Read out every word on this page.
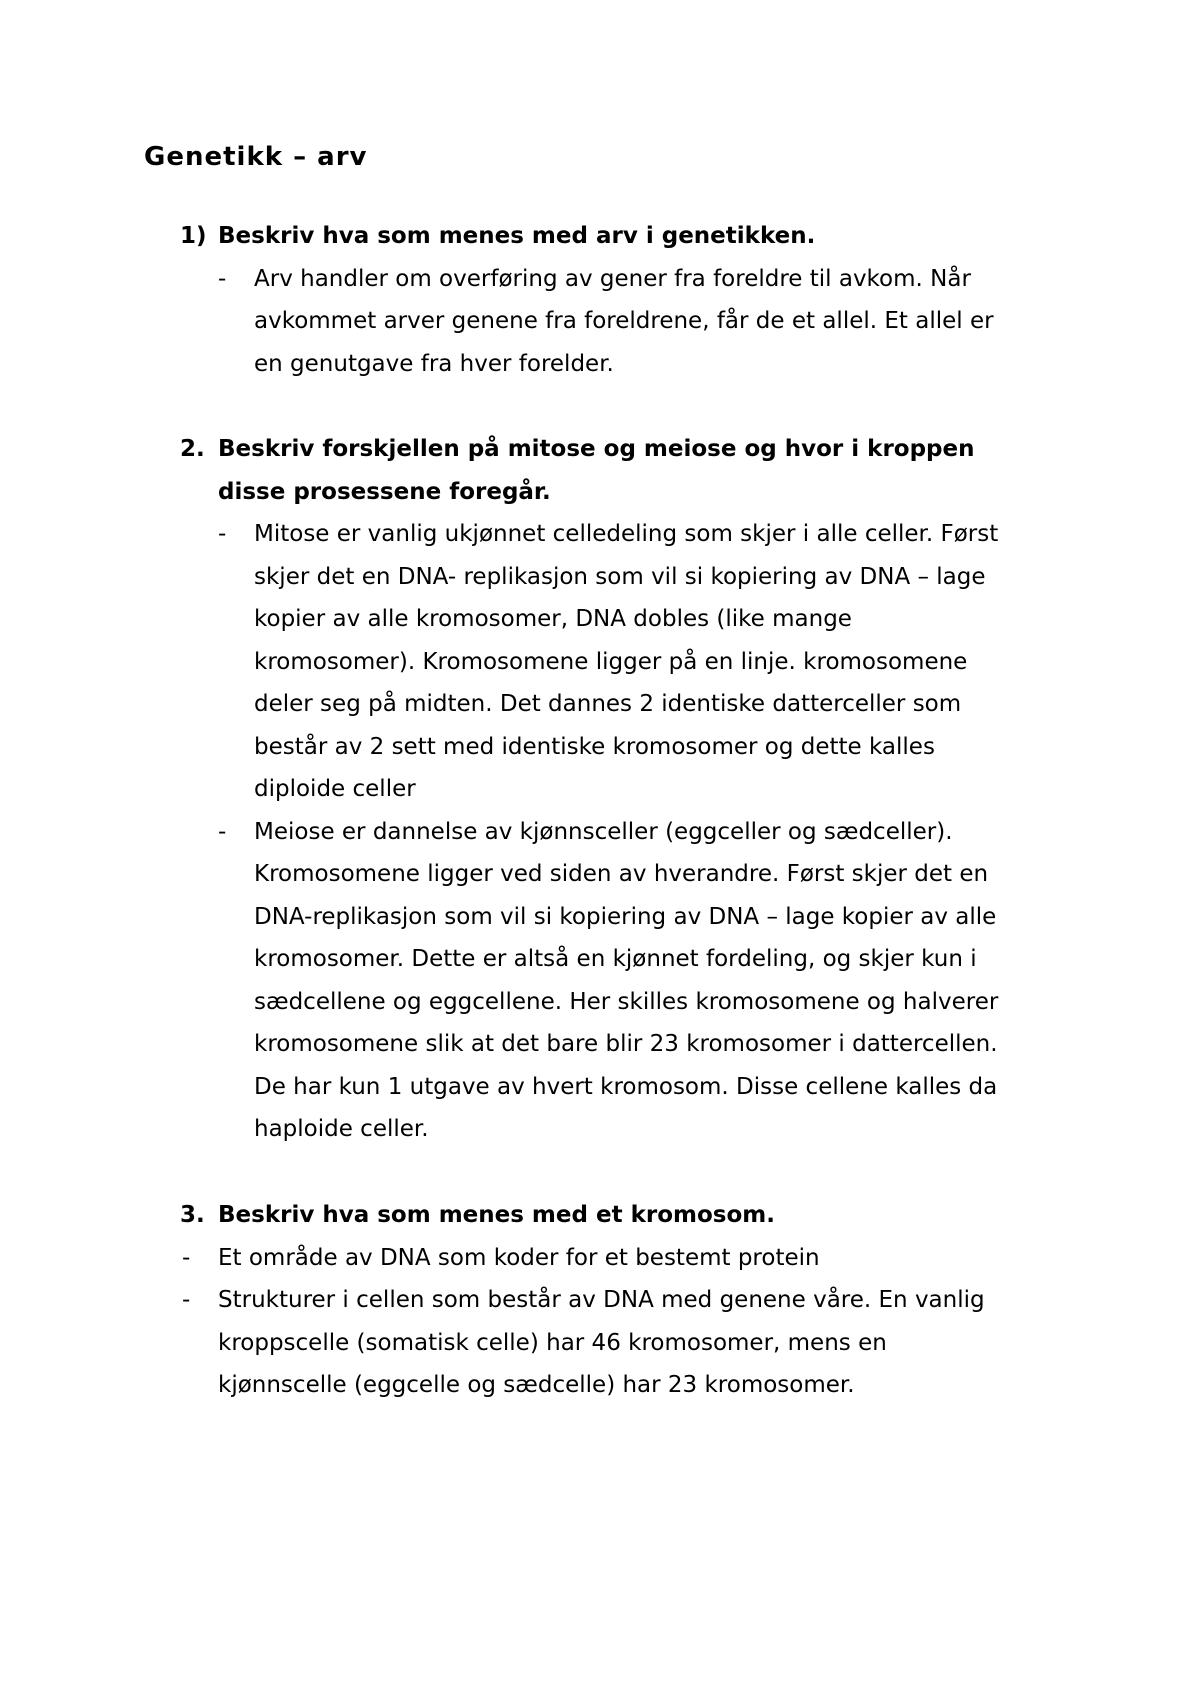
Genetikk – arv
1) Beskriv hva som menes med arv i genetikken.
- Arv handler om overføring av gener fra foreldre til avkom. Når
avkommet arver genene fra foreldrene, får de et allel. Et allel er
en genutgave fra hver forelder.
2. Beskriv forskjellen på mitose og meiose og hvor i kroppen
disse prosessene foregår.
- Mitose er vanlig ukjønnet celledeling som skjer i alle celler. Først
skjer det en DNA- replikasjon som vil si kopiering av DNA – lage
kopier av alle kromosomer, DNA dobles (like mange
kromosomer). Kromosomene ligger på en linje. kromosomene
deler seg på midten. Det dannes 2 identiske datterceller som
består av 2 sett med identiske kromosomer og dette kalles
diploide celler
- Meiose er dannelse av kjønnsceller (eggceller og sædceller).
Kromosomene ligger ved siden av hverandre. Først skjer det en
DNA-replikasjon som vil si kopiering av DNA – lage kopier av alle
kromosomer. Dette er altså en kjønnet fordeling, og skjer kun i
sædcellene og eggcellene. Her skilles kromosomene og halverer
kromosomene slik at det bare blir 23 kromosomer i dattercellen.
De har kun 1 utgave av hvert kromosom. Disse cellene kalles da
haploide celler.
3. Beskriv hva som menes med et kromosom.
- Et område av DNA som koder for et bestemt protein
- Strukturer i cellen som består av DNA med genene våre. En vanlig
kroppscelle (somatisk celle) har 46 kromosomer, mens en
kjønnscelle (eggcelle og sædcelle) har 23 kromosomer.
